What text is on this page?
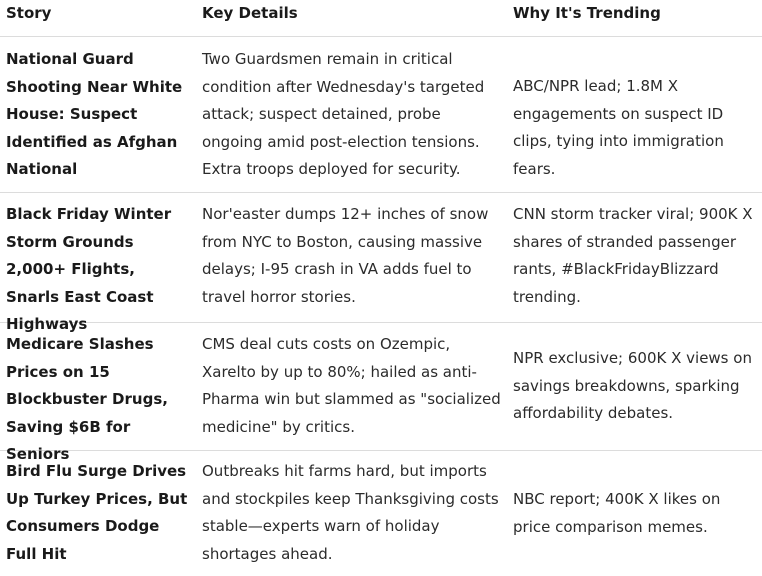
Story	Key Details	Why It's Trending
National Guard Shooting Near White House: Suspect Identified as Afghan National
Two Guardsmen remain in critical condition after Wednesday's targeted attack; suspect detained, probe ongoing amid post-election tensions. Extra troops deployed for security.
ABC/NPR lead; 1.8M X engagements on suspect ID clips, tying into immigration fears.
Black Friday Winter Storm Grounds 2,000+ Flights, Snarls East Coast Highways
Nor'easter dumps 12+ inches of snow from NYC to Boston, causing massive delays; I-95 crash in VA adds fuel to travel horror stories.
CNN storm tracker viral; 900K X shares of stranded passenger rants, #BlackFridayBlizzard trending.
Medicare Slashes Prices on 15 Blockbuster Drugs, Saving $6B for Seniors
CMS deal cuts costs on Ozempic, Xarelto by up to 80%; hailed as anti-Pharma win but slammed as "socialized medicine" by critics.
NPR exclusive; 600K X views on savings breakdowns, sparking affordability debates.
Bird Flu Surge Drives Up Turkey Prices, But Consumers Dodge Full Hit
Outbreaks hit farms hard, but imports and stockpiles keep Thanksgiving costs stable—experts warn of holiday shortages ahead.
NBC report; 400K X likes on price comparison memes.
